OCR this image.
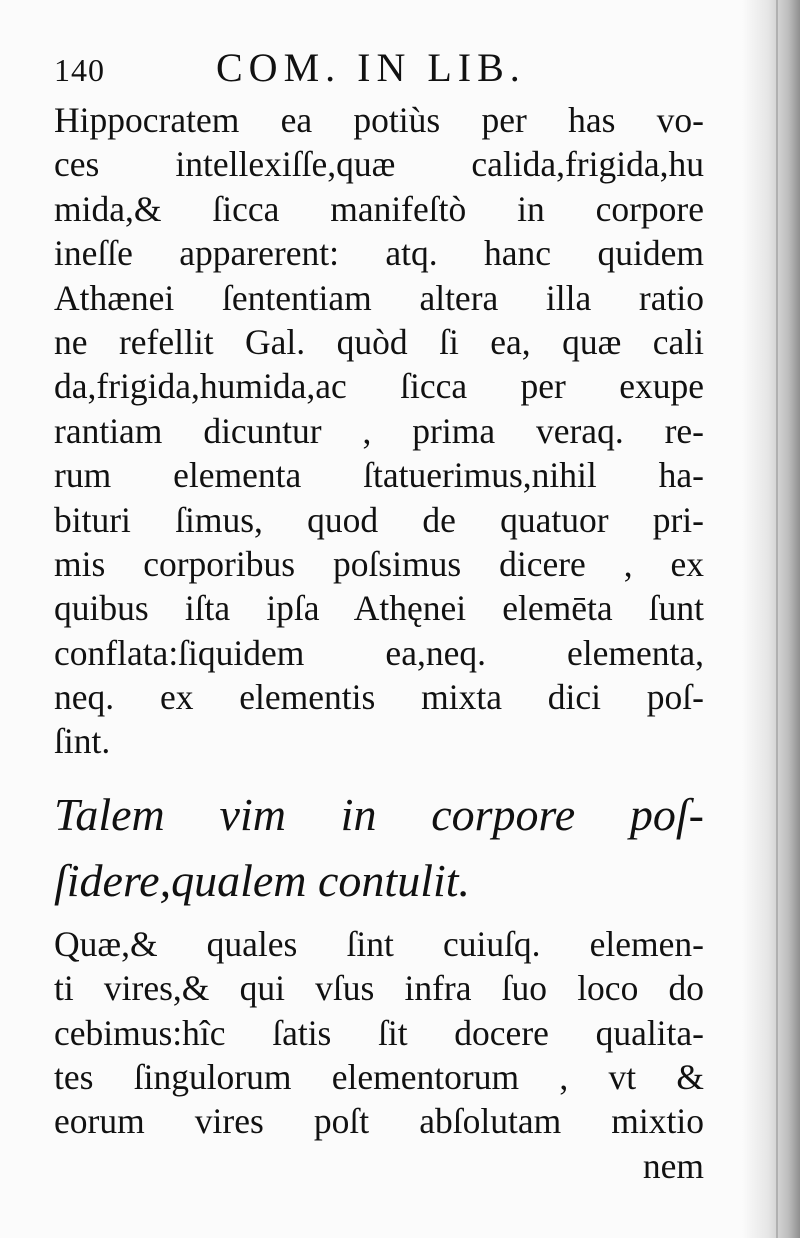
140	COM. IN LIB.
Hippocratem ea potiùs per has vo-
ces intellexiſſe,quæ calida,frigida,hu
mida,& ſicca manifeſtò in corpore
ineſſe apparerent: atq. hanc quidem
Athænei ſententiam altera illa ratio
ne refellit Gal. quòd ſi ea, quæ cali
da,frigida,humida,ac ſicca per exupe
rantiam dicuntur , prima veraq. re-
rum elementa ſtatuerimus,nihil ha-
bituri ſimus, quod de quatuor pri-
mis corporibus poſsimus dicere , ex
quibus iſta ipſa Athęnei elemēta ſunt
conflata:ſiquidem ea,neq. elementa,
neq. ex elementis mixta dici poſ-
ſint.
Talem vim in corpore poſ-
ſidere,qualem contulit.
Quæ,& quales ſint cuiuſq. elemen-
ti vires,& qui vſus infra ſuo loco do
cebimus:hîc ſatis ſit docere qualita-
tes ſingulorum elementorum , vt &
eorum vires poſt abſolutam mixtio
nem
